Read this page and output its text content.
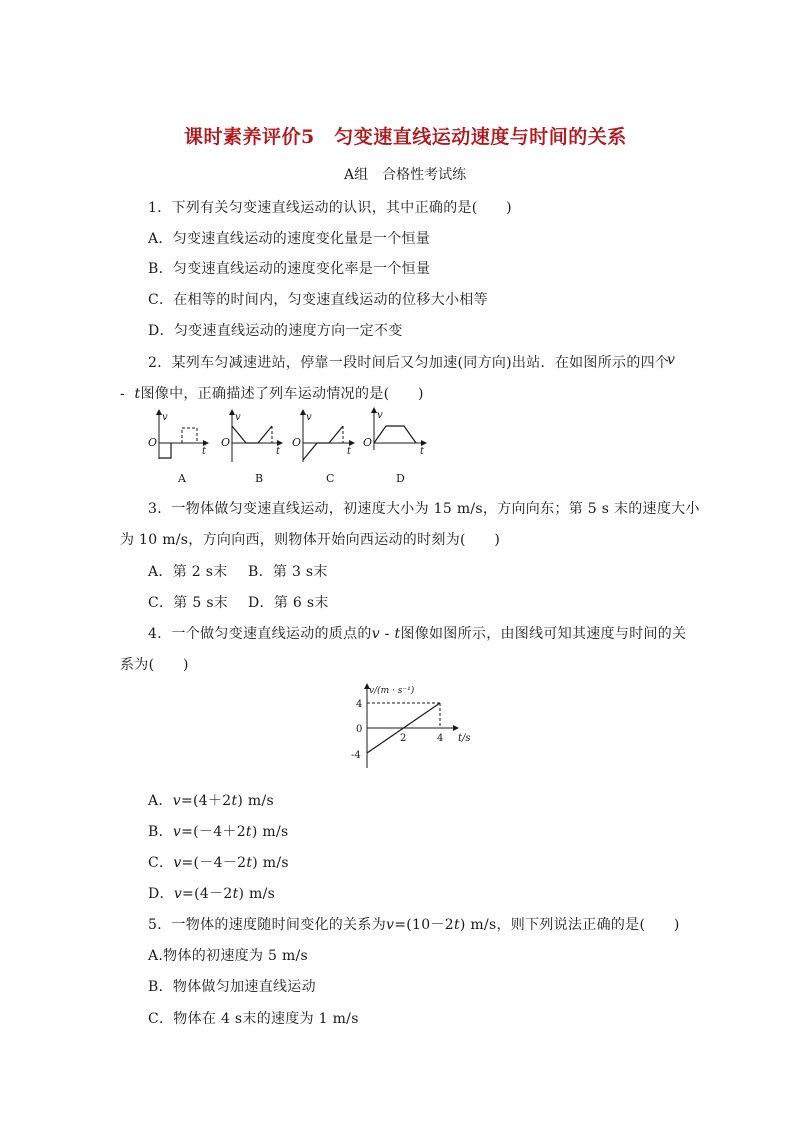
课时素养评价5　匀变速直线运动速度与时间的关系
A组　合格性考试练
1．下列有关匀变速直线运动的认识，其中正确的是(　　)
A．匀变速直线运动的速度变化量是一个恒量
B．匀变速直线运动的速度变化率是一个恒量
C．在相等的时间内，匀变速直线运动的位移大小相等
D．匀变速直线运动的速度方向一定不变
2．某列车匀减速进站，停靠一段时间后又匀加速(同方向)出站．在如图所示的四个
v
- t图像中，正确描述了列车运动情况的是(　　)
v
O
t
A
v
O
t
B
v
O
t
C
v
O
t
D
3．一物体做匀变速直线运动，初速度大小为 15 m/s，方向向东；第 5 s 末的速度大小
为 10 m/s，方向向西，则物体开始向西运动的时刻为(　　)
A．第 2 s末 B．第 3 s末
C．第 5 s末 D．第 6 s末
4．一个做匀变速直线运动的质点的v - t图像如图所示，由图线可知其速度与时间的关
系为(　　)
v/(m · s⁻¹)
4
0
-4
2	4 t/s
A．v=(4＋2t) m/s
B．v=(－4＋2t) m/s
C．v=(－4－2t) m/s
D．v=(4－2t) m/s
5．一物体的速度随时间变化的关系为v=(10－2t) m/s，则下列说法正确的是(　　)
A.物体的初速度为 5 m/s
B．物体做匀加速直线运动
C．物体在 4 s末的速度为 1 m/s
